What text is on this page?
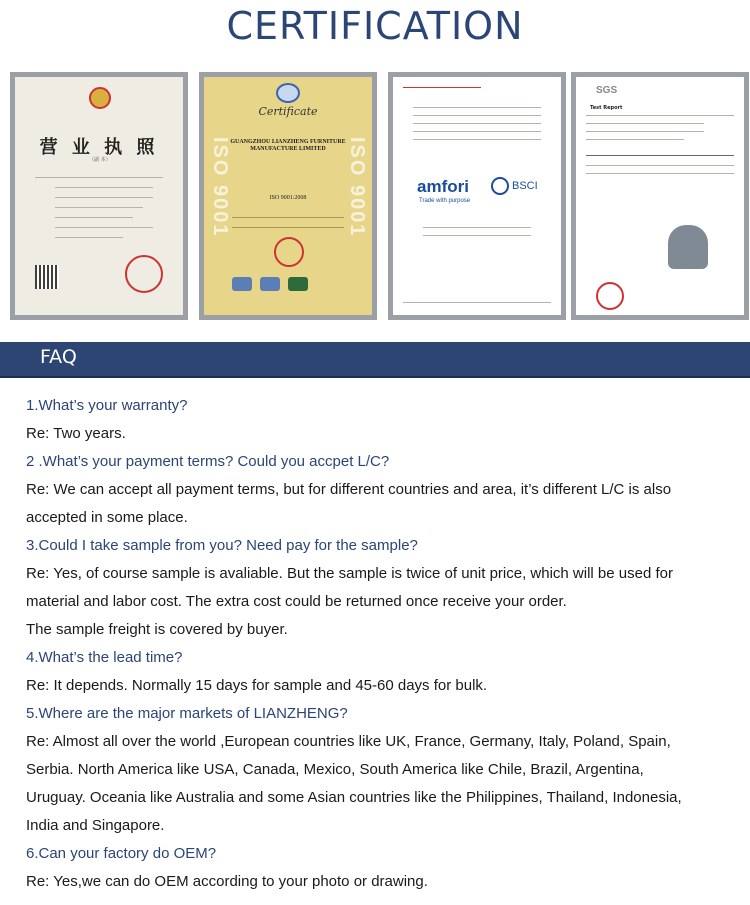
CERTIFICATION
营 业 执 照
（副 本）	ISO 9001	ISO 9001
Certificate
GUANGZHOU LIANZHENG FURNITURE MANUFACTURE LIMITED
ISO 9001:2008
amfori	BSCI
Trade with purpose
SGS
Test Report
FAQ

1.What’s your warranty?

Re: Two years.

2 .What’s your payment terms? Could you accpet L/C?

Re: We can accept all payment terms, but for different countries and area, it’s different L/C is also
accepted in some place.

3.Could I take sample from you? Need pay for the sample?

Re: Yes, of course sample is avaliable. But the sample is twice of unit price, which will be used for
material and labor cost. The extra cost could be returned once receive your order.
The sample freight is covered by buyer.

4.What’s the lead time?

Re: It depends. Normally 15 days for sample and 45-60 days for bulk.

5.Where are the major markets of LIANZHENG?

Re: Almost all over the world ,European countries like UK, France, Germany, Italy, Poland, Spain,
Serbia. North America like USA, Canada, Mexico, South America like Chile, Brazil, Argentina,
Uruguay. Oceania like Australia and some Asian countries like the Philippines, Thailand, Indonesia,
India and Singapore.

6.Can your factory do OEM?

Re: Yes,we can do OEM according to your photo or drawing.
